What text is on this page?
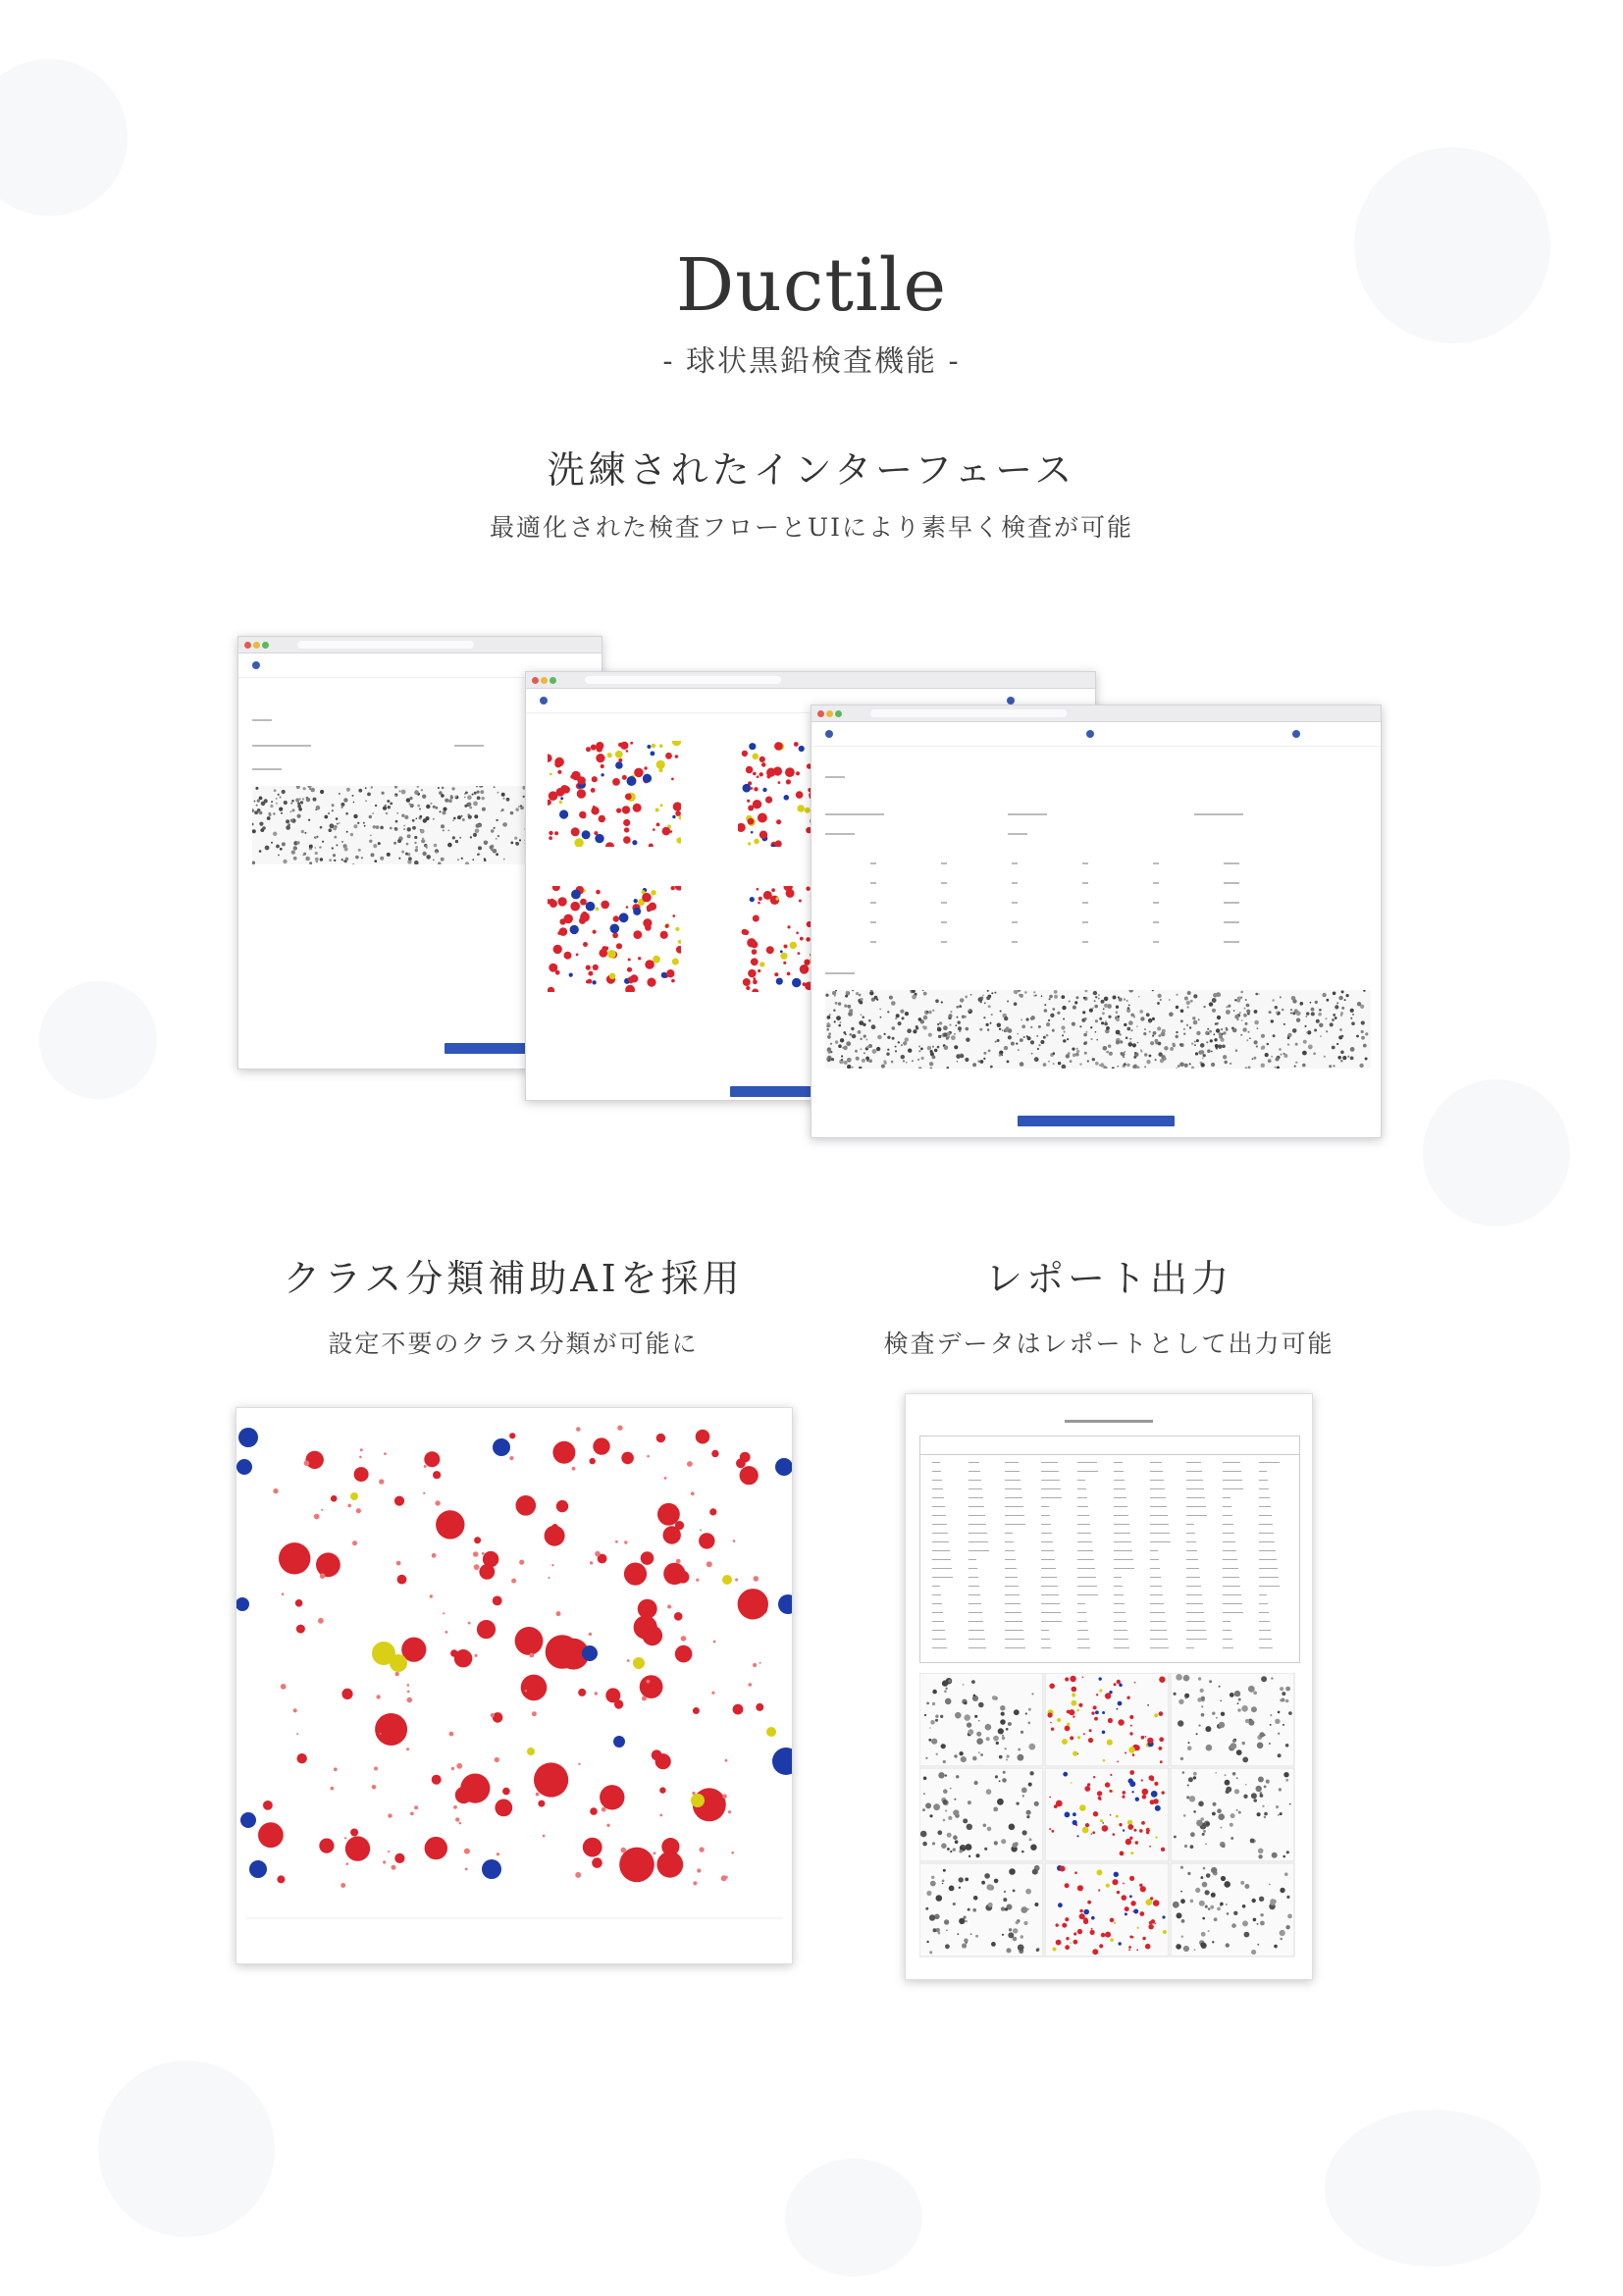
Ductile
- 球状黒鉛検査機能 -
洗練されたインターフェース
最適化された検査フローとUIにより素早く検査が可能
クラス分類補助AIを採用
設定不要のクラス分類が可能に
レポート出力
検査データはレポートとして出力可能
